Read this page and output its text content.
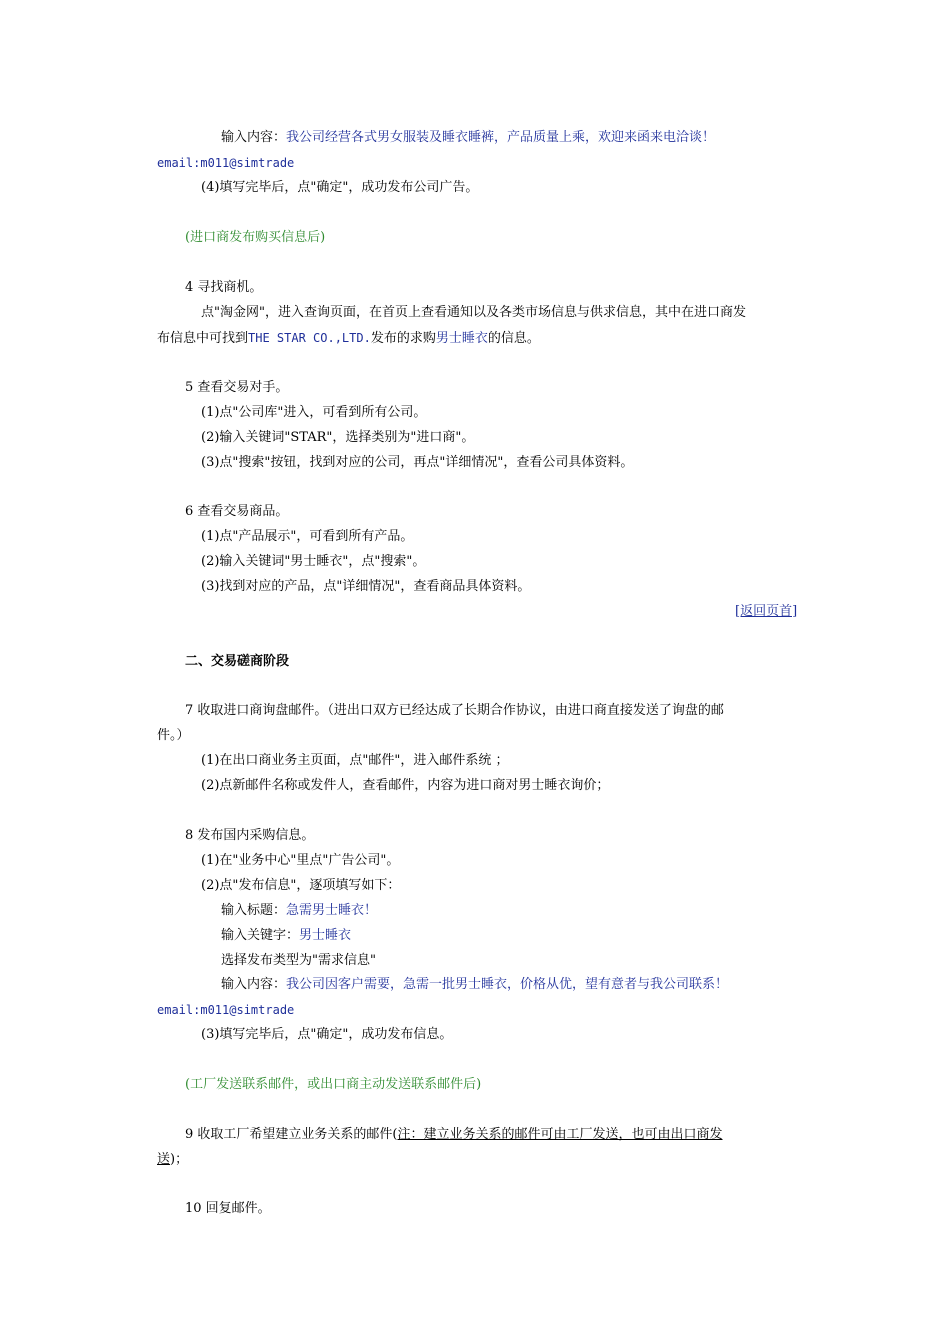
输入内容：我公司经营各式男女服装及睡衣睡裤，产品质量上乘，欢迎来函来电洽谈！
email:m011@simtrade
(4)填写完毕后，点"确定"，成功发布公司广告。
(进口商发布购买信息后)
4 寻找商机。
点"淘金网"，进入查询页面，在首页上查看通知以及各类市场信息与供求信息，其中在进口商发
布信息中可找到THE STAR CO.,LTD.发布的求购男士睡衣的信息。
5 查看交易对手。
(1)点"公司库"进入，可看到所有公司。
(2)输入关键词"STAR"，选择类别为"进口商"。
(3)点"搜索"按钮，找到对应的公司，再点"详细情况"，查看公司具体资料。
6 查看交易商品。
(1)点"产品展示"，可看到所有产品。
(2)输入关键词"男士睡衣"，点"搜索"。
(3)找到对应的产品，点"详细情况"，查看商品具体资料。
[返回页首]
二、交易磋商阶段
7 收取进口商询盘邮件。（进出口双方已经达成了长期合作协议，由进口商直接发送了询盘的邮
件。）
(1)在出口商业务主页面，点"邮件"，进入邮件系统 ；
(2)点新邮件名称或发件人，查看邮件，内容为进口商对男士睡衣询价；
8 发布国内采购信息。
(1)在"业务中心"里点"广告公司"。
(2)点"发布信息"，逐项填写如下：
输入标题：急需男士睡衣！
输入关键字：男士睡衣
选择发布类型为"需求信息"
输入内容：我公司因客户需要，急需一批男士睡衣，价格从优，望有意者与我公司联系！
email:m011@simtrade
(3)填写完毕后，点"确定"，成功发布信息。
(工厂发送联系邮件，或出口商主动发送联系邮件后)
9 收取工厂希望建立业务关系的邮件(注：建立业务关系的邮件可由工厂发送，也可由出口商发
送)；
10 回复邮件。
